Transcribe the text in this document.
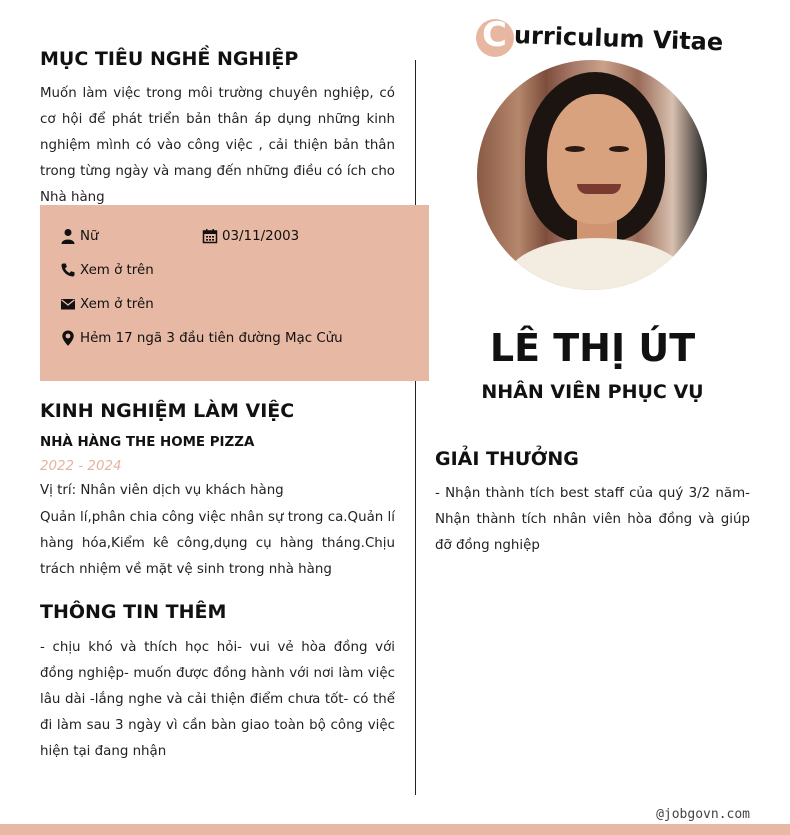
C urriculum Vitae
LÊ THỊ ÚT
NHÂN VIÊN PHỤC VỤ
MỤC TIÊU NGHỀ NGHIỆP
Muốn làm việc trong môi trường chuyên nghiệp, có cơ hội để phát triển bản thân áp dụng những kinh nghiệm mình có vào công việc , cải thiện bản thân trong từng ngày và mang đến những điều có ích cho Nhà hàng
Nữ	03/11/2003
Xem ở trên
Xem ở trên
Hẻm 17 ngã 3 đầu tiên đường Mạc Cửu
KINH NGHIỆM LÀM VIỆC
NHÀ HÀNG THE HOME PIZZA
2022 - 2024
Vị trí: Nhân viên dịch vụ khách hàng
Quản lí,phân chia công việc nhân sự trong ca.Quản lí hàng hóa,Kiểm kê công,dụng cụ hàng tháng.Chịu trách nhiệm về mặt vệ sinh trong nhà hàng
THÔNG TIN THÊM
- chịu khó và thích học hỏi- vui vẻ hòa đồng với đồng nghiệp- muốn được đồng hành với nơi làm việc lâu dài -lắng nghe và cải thiện điểm chưa tốt- có thể đi làm sau 3 ngày vì cần bàn giao toàn bộ công việc hiện tại đang nhận
GIẢI THƯỞNG
- Nhận thành tích best staff của quý 3/2 năm-Nhận thành tích nhân viên hòa đồng và giúp đỡ đồng nghiệp
@jobgovn.com
